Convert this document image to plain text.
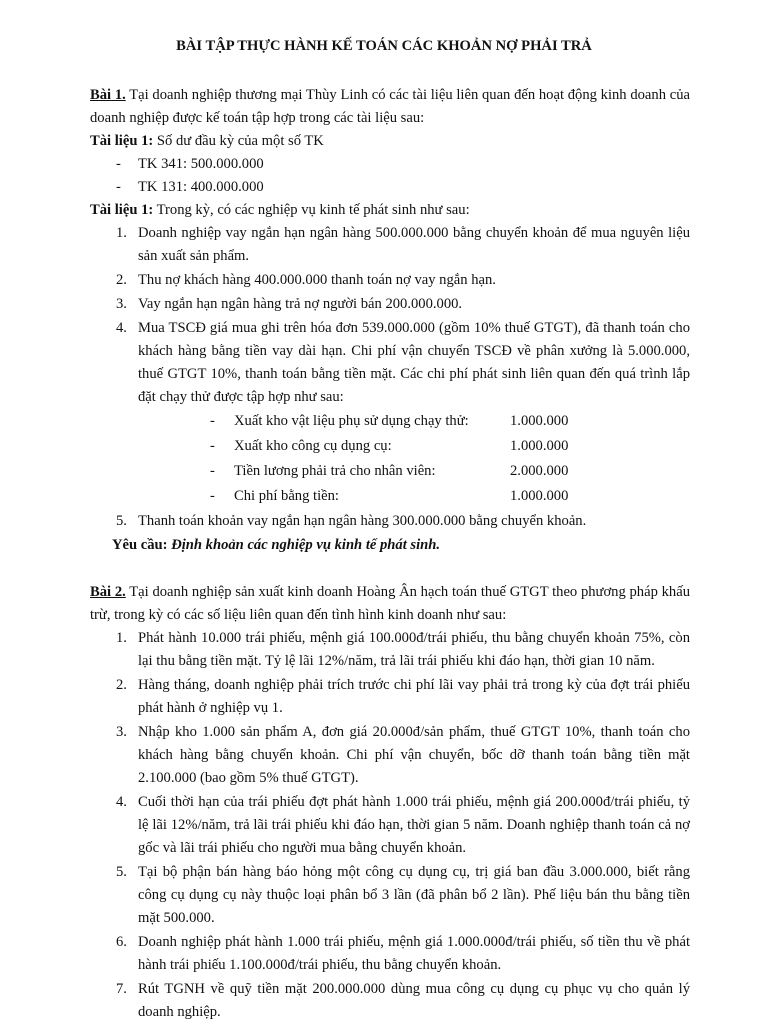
BÀI TẬP THỰC HÀNH KẾ TOÁN CÁC KHOẢN NỢ PHẢI TRẢ

Bài 1. Tại doanh nghiệp thương mại Thùy Linh có các tài liệu liên quan đến hoạt động kinh doanh của doanh nghiệp được kế toán tập hợp trong các tài liệu sau:

Tài liệu 1: Số dư đầu kỳ của một số TK

- TK 341: 500.000.000
- TK 131: 400.000.000

Tài liệu 1: Trong kỳ, có các nghiệp vụ kinh tế phát sinh như sau:

1. Doanh nghiệp vay ngắn hạn ngân hàng 500.000.000 bằng chuyển khoản để mua nguyên liệu sản xuất sản phẩm.
2. Thu nợ khách hàng 400.000.000 thanh toán nợ vay ngắn hạn.
3. Vay ngắn hạn ngân hàng trả nợ người bán 200.000.000.
4. Mua TSCĐ giá mua ghi trên hóa đơn 539.000.000 (gồm 10% thuế GTGT), đã thanh toán cho khách hàng bằng tiền vay dài hạn. Chi phí vận chuyển TSCĐ về phân xưởng là 5.000.000, thuế GTGT 10%, thanh toán bằng tiền mặt. Các chi phí phát sinh liên quan đến quá trình lắp đặt chạy thử được tập hợp như sau:
- Xuất kho vật liệu phụ sử dụng chạy thử:	1.000.000
- Xuất kho công cụ dụng cụ:	1.000.000
- Tiền lương phải trả cho nhân viên:	2.000.000
- Chi phí bằng tiền:	1.000.000
5. Thanh toán khoản vay ngắn hạn ngân hàng 300.000.000 bằng chuyển khoản.

Yêu cầu: Định khoản các nghiệp vụ kinh tế phát sinh.

Bài 2. Tại doanh nghiệp sản xuất kinh doanh Hoàng Ân hạch toán thuế GTGT theo phương pháp khấu trừ, trong kỳ có các số liệu liên quan đến tình hình kinh doanh như sau:

1. Phát hành 10.000 trái phiếu, mệnh giá 100.000đ/trái phiếu, thu bằng chuyển khoản 75%, còn lại thu bằng tiền mặt. Tỷ lệ lãi 12%/năm, trả lãi trái phiếu khi đáo hạn, thời gian 10 năm.
2. Hàng tháng, doanh nghiệp phải trích trước chi phí lãi vay phải trả trong kỳ của đợt trái phiếu phát hành ở nghiệp vụ 1.
3. Nhập kho 1.000 sản phẩm A, đơn giá 20.000đ/sản phẩm, thuế GTGT 10%, thanh toán cho khách hàng bằng chuyển khoản. Chi phí vận chuyển, bốc dỡ thanh toán bằng tiền mặt 2.100.000 (bao gồm 5% thuế GTGT).
4. Cuối thời hạn của trái phiếu đợt phát hành 1.000 trái phiếu, mệnh giá 200.000đ/trái phiếu, tỷ lệ lãi 12%/năm, trả lãi trái phiếu khi đáo hạn, thời gian 5 năm. Doanh nghiệp thanh toán cả nợ gốc và lãi trái phiếu cho người mua bằng chuyển khoản.
5. Tại bộ phận bán hàng báo hỏng một công cụ dụng cụ, trị giá ban đầu 3.000.000, biết rằng công cụ dụng cụ này thuộc loại phân bổ 3 lần (đã phân bổ 2 lần). Phế liệu bán thu bằng tiền mặt 500.000.
6. Doanh nghiệp phát hành 1.000 trái phiếu, mệnh giá 1.000.000đ/trái phiếu, số tiền thu về phát hành trái phiếu 1.100.000đ/trái phiếu, thu bằng chuyển khoản.
7. Rút TGNH về quỹ tiền mặt 200.000.000 dùng mua công cụ dụng cụ phục vụ cho quản lý doanh nghiệp.
